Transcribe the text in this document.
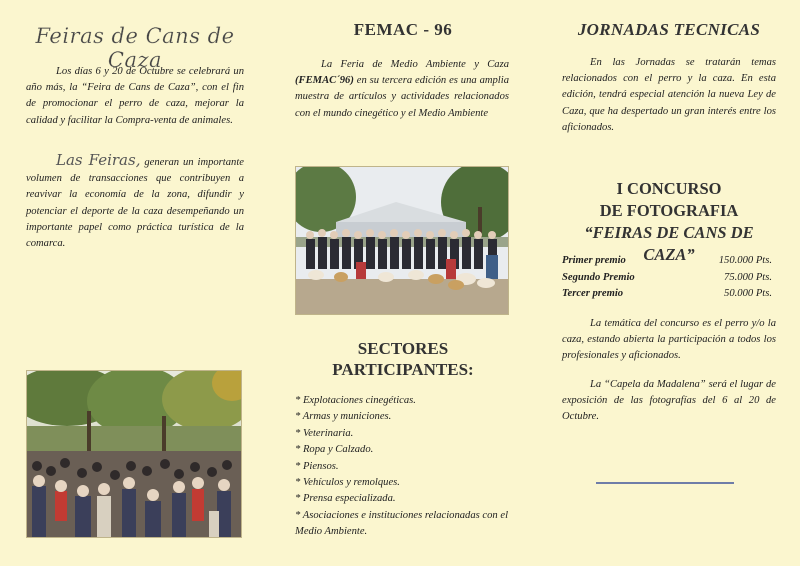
Feiras de Cans de Caza

Los días 6 y 20 de Octubre se celebrará un año más, la “Feira de Cans de Caza”, con el fin de promocionar el perro de caza, mejorar la calidad y facilitar la Compra-venta de animales.

Las Feiras, generan un importante volumen de transacciones que contribuyen a reavivar la economía de la zona, difundir y potenciar el deporte de la caza desempeñando un importante papel como práctica turística de la comarca.

FEMAC - 96

La Feria de Medio Ambiente y Caza (FEMAC´96) en su tercera edición es una amplia muestra de artículos y actividades relacionados con el mundo cinegético y el Medio Ambiente

SECTORES
PARTICIPANTES:
* Explotaciones cinegéticas.
* Armas y municiones.
* Veterinaria.
* Ropa y Calzado.
* Piensos.
* Vehículos y remolques.
* Prensa especializada.
* Asociaciones e instituciones relacionadas con el Medio Ambiente.
JORNADAS TECNICAS

En las Jornadas se tratarán temas relacionados con el perro y la caza. En esta edición, tendrá especial atención la nueva Ley de Caza, que ha despertado un gran interés entre los aficionados.

I CONCURSO
DE FOTOGRAFIA
“FEIRAS DE CANS DE CAZA”
Primer premio	150.000 Pts.
Segundo Premio	75.000 Pts.
Tercer premio	50.000 Pts.

La temática del concurso es el perro y/o la caza, estando abierta la participación a todos los profesionales y aficionados.

La “Capela da Madalena” será el lugar de exposición de las fotografías del 6 al 20 de Octubre.
